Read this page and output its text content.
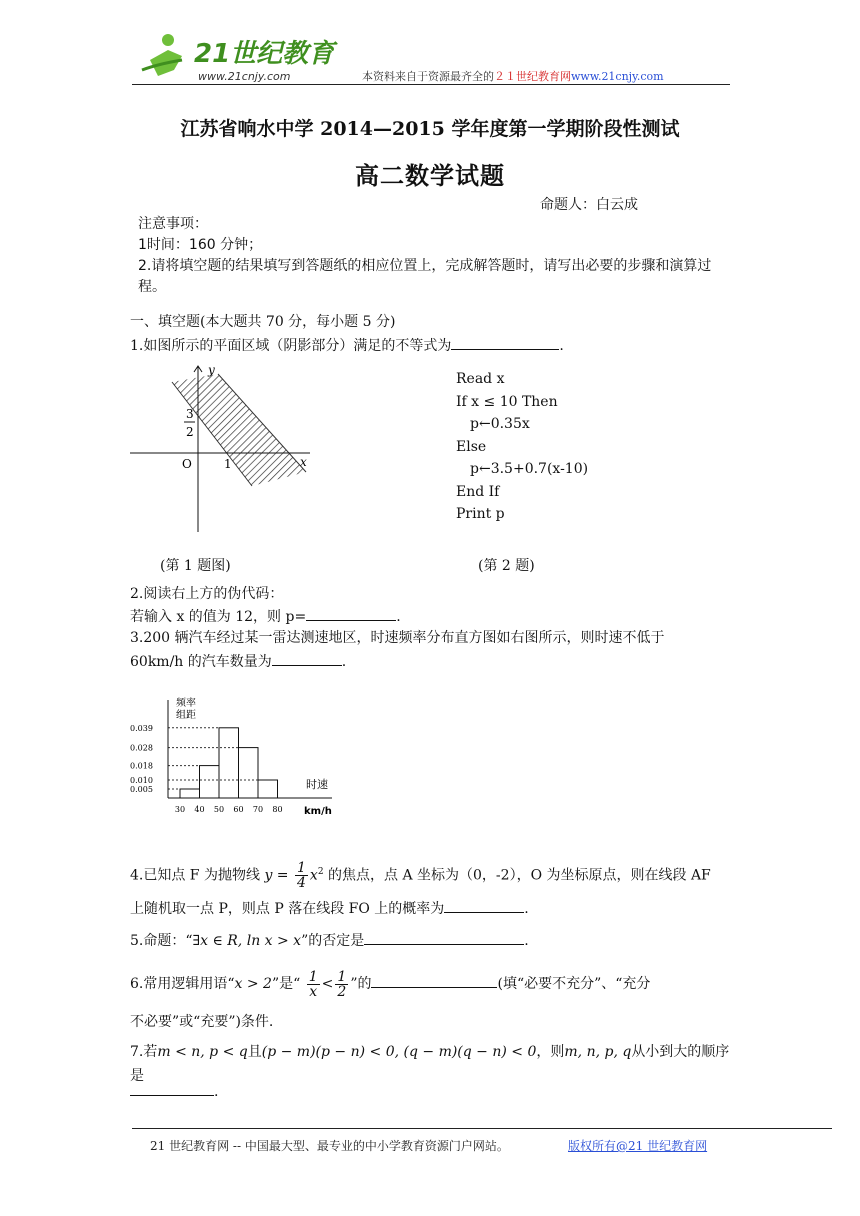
21世纪教育
www.21cnjy.com	本资料来自于资源最齐全的２１世纪教育网www.21cnjy.com
江苏省响水中学 2014—2015 学年度第一学期阶段性测试
高二数学试题
命题人：白云成
注意事项：
1时间：160 分钟；
2.请将填空题的结果填写到答题纸的相应位置上，完成解答题时，请写出必要的步骤和演算过程。
一、填空题(本大题共 70 分，每小题 5 分)
1.如图所示的平面区域（阴影部分）满足的不等式为	.
y
x
O	1
3
2
(第 1 题图)
Read x
If x ≤ 10 Then
p←0.35x
Else
p←3.5+0.7(x-10)
End If
Print p
(第 2 题)
2.阅读右上方的伪代码：
若输入 x 的值为 12，则 p=	.
3.200 辆汽车经过某一雷达测速地区，时速频率分布直方图如右图所示，则时速不低于
60km/h 的汽车数量为	.
频率
组距
0.039
0.028
0.018
0.010
0.005
30 40 50 60 70 80
时速
km/h
4.已知点 F 为抛物线 $y = \frac{1}{4} x^2$ 的焦点，点 A 坐标为（0，-2），O 为坐标原点，则在线段 AF
上随机取一点 P，则点 P 落在线段 FO 上的概率为	.
5.命题：“∃x ∈ R, ln x > x”的否定是	.
6.常用逻辑用语“x > 2”是“ $\frac{1}{x} < \frac{1}{2}$ ”的	(填“必要不充分”、“充分
不必要”或“充要”)条件.
7.若m < n, p < q且(p − m)(p − n) < 0, (q − m)(q − n) < 0，则m, n, p, q从小到大的顺序是
.
21 世纪教育网 -- 中国最大型、最专业的中小学教育资源门户网站。	版权所有@21 世纪教育网
